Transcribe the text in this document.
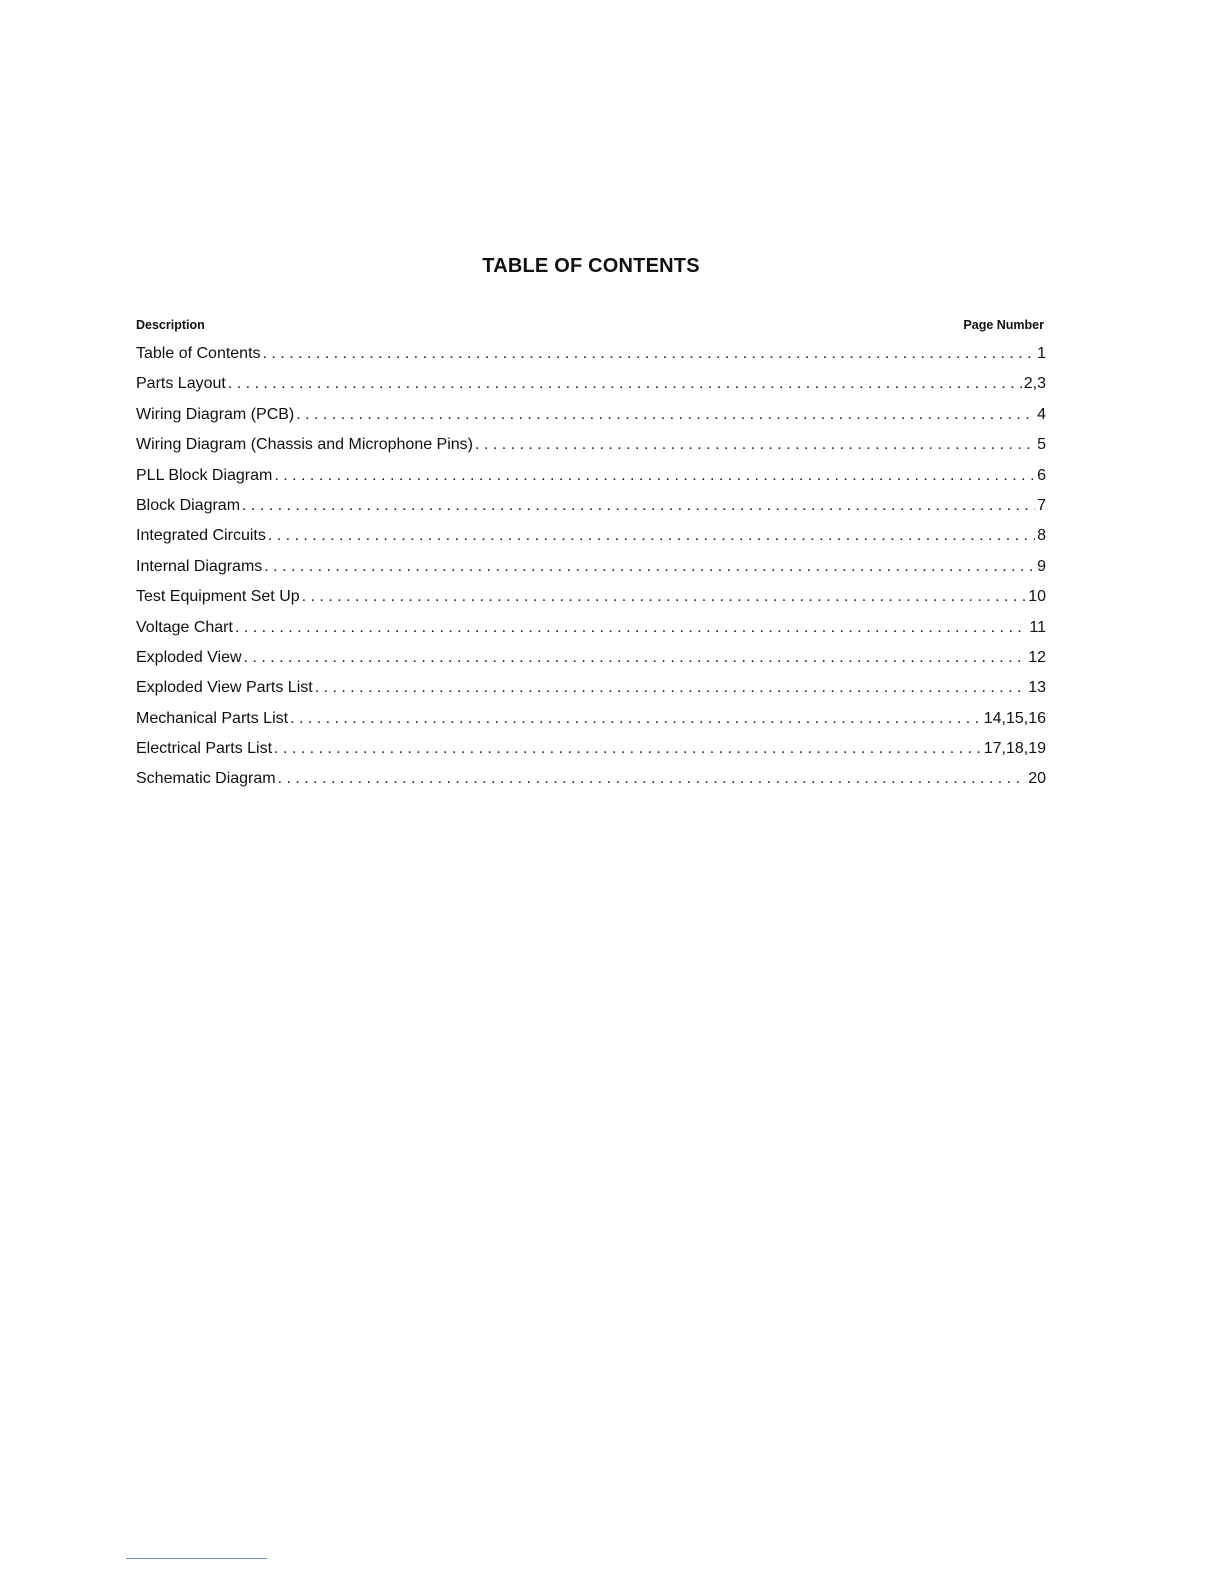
TABLE OF CONTENTS
Description	Page Number
Table of Contents . . .	1
Parts Layout . . .	2,3
Wiring Diagram (PCB) . . .	4
Wiring Diagram (Chassis and Microphone Pins) . . .	5
PLL Block Diagram . . .	6
Block Diagram . . .	7
Integrated Circuits . . .	8
Internal Diagrams . . .	9
Test Equipment Set Up . . .	10
Voltage Chart . . .	11
Exploded View . . .	12
Exploded View Parts List . . .	13
Mechanical Parts List . . .	14,15,16
Electrical Parts List . . .	17,18,19
Schematic Diagram . . .	20
